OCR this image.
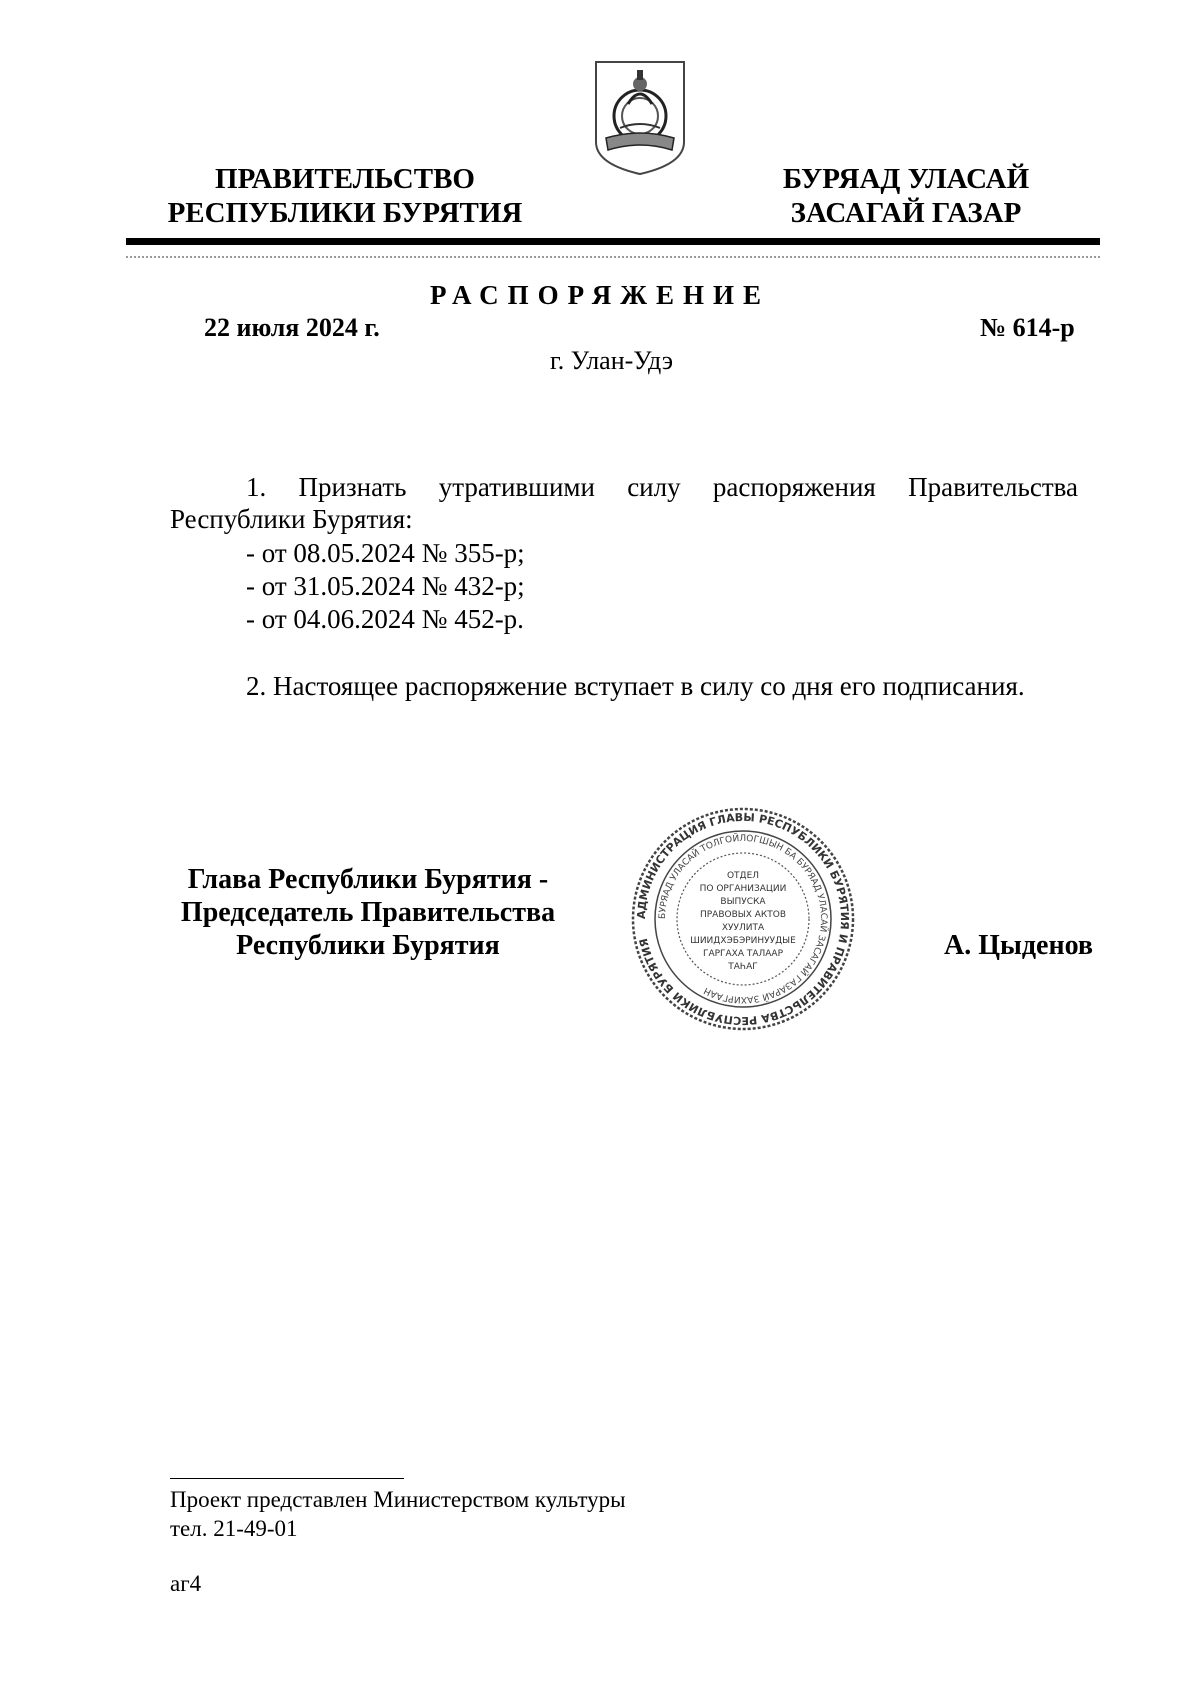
ПРАВИТЕЛЬСТВО
РЕСПУБЛИКИ БУРЯТИЯ
БУРЯАД УЛАСАЙ
ЗАСАГАЙ ГАЗАР
РАСПОРЯЖЕНИЕ
22 июля 2024 г.	№ 614-р
г. Улан-Удэ
1. Признать утратившими силу распоряжения Правительства Республики Бурятия:
- от 08.05.2024 № 355-р;
- от 31.05.2024 № 432-р;
- от 04.06.2024 № 452-р.
2. Настоящее распоряжение вступает в силу со дня его подписания.
Глава Республики Бурятия -
Председатель Правительства
Республики Бурятия
АДМИНИСТРАЦИЯ ГЛАВЫ РЕСПУБЛИКИ БУРЯТИЯ И ПРАВИТЕЛЬСТВА РЕСПУБЛИКИ БУРЯТИЯ
БУРЯАД УЛАСАЙ ТОЛГОЙЛОГШЫН БА БУРЯАД УЛАСАЙ ЗАСАГАЙ ГАЗАРАЙ ЗАХИРГААН
ОТДЕЛ
ПО ОРГАНИЗАЦИИ
ВЫПУСКА
ПРАВОВЫХ АКТОВ
ХУУЛИТА
ШИИДХЭБЭРИНУУДЫЕ
ГАРГАХА ТАЛААР
ТАҺАГ
А. Цыденов
Проект представлен Министерством культуры
тел. 21-49-01
аг4
